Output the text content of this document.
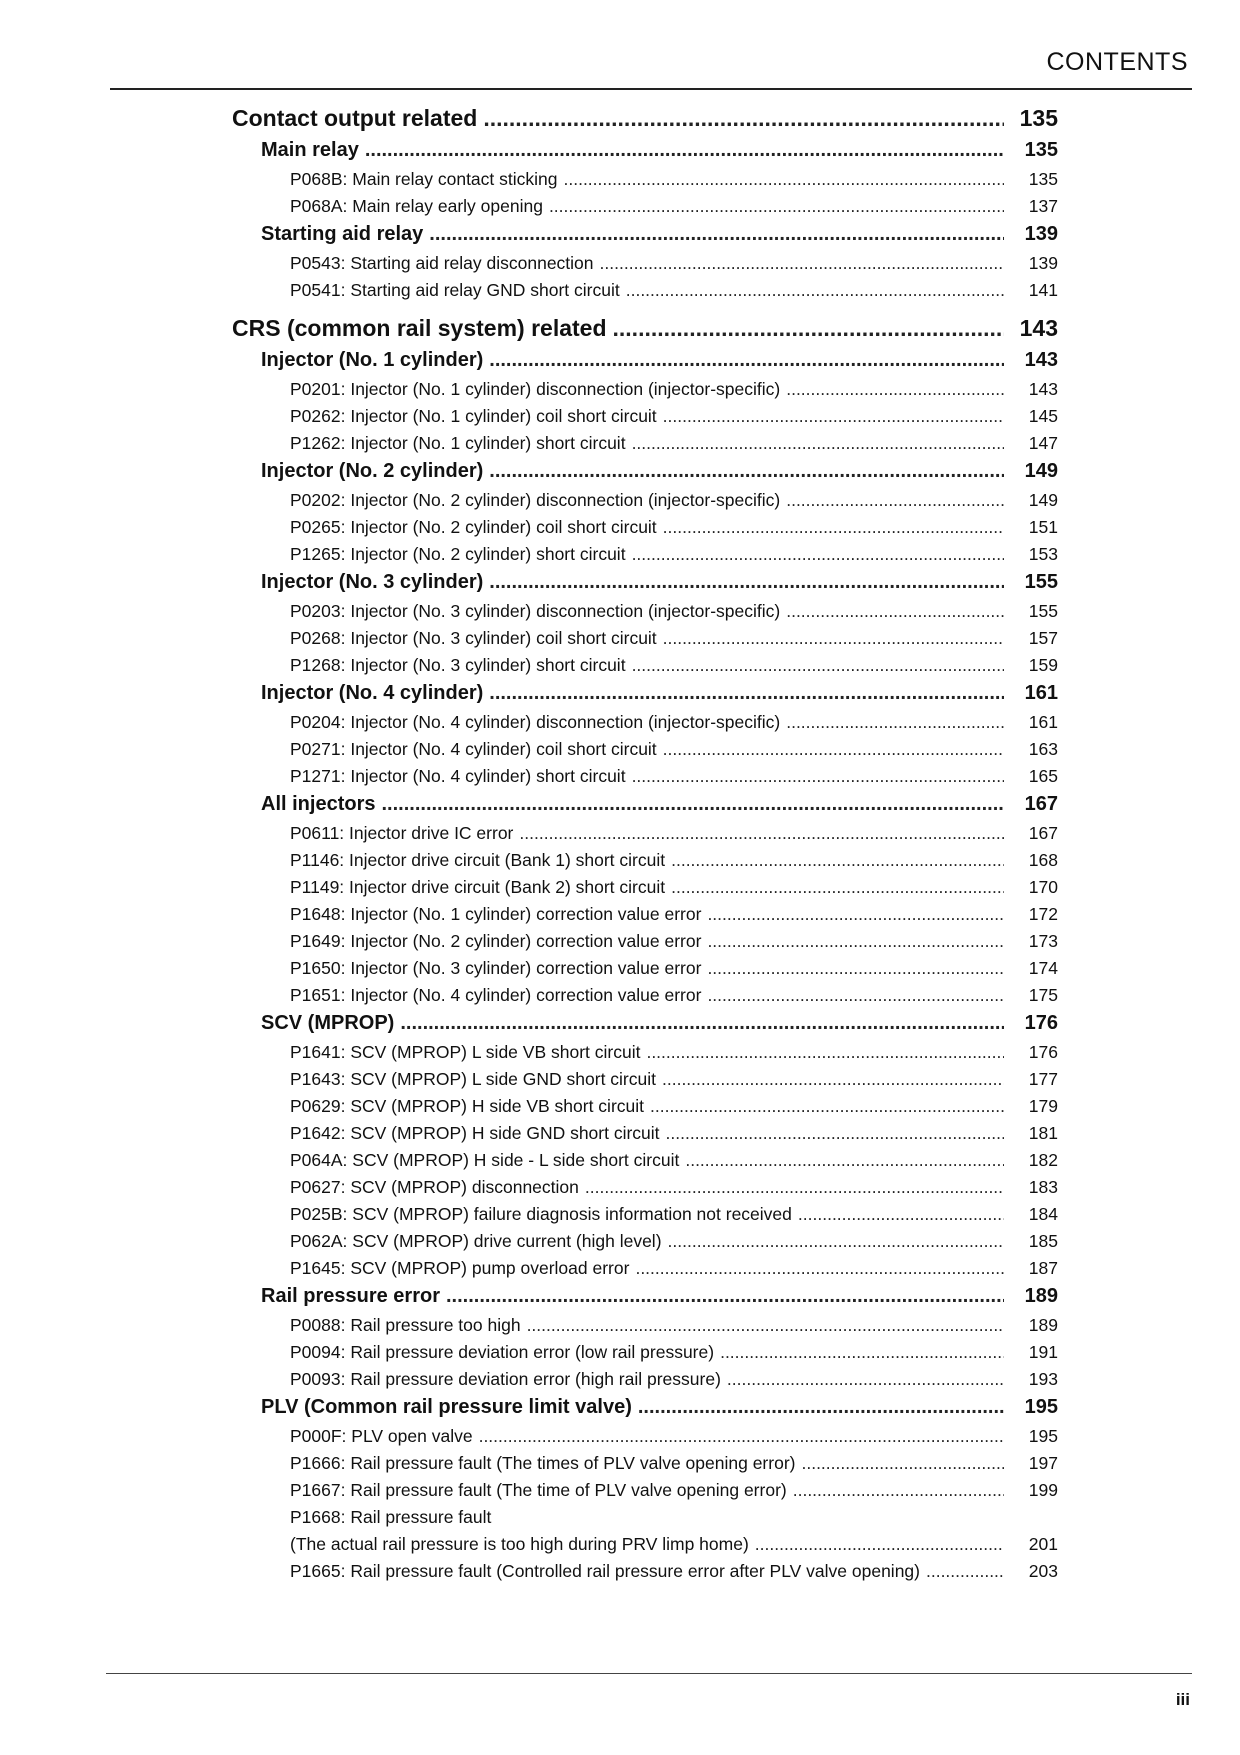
CONTENTS
Contact output related .....	135
Main relay .....	135
P068B: Main relay contact sticking .....	135
P068A: Main relay early opening .....	137
Starting aid relay .....	139
P0543: Starting aid relay disconnection .....	139
P0541: Starting aid relay GND short circuit .....	141
CRS (common rail system) related .....	143
Injector (No. 1 cylinder) .....	143
P0201: Injector (No. 1 cylinder) disconnection (injector-specific) .....	143
P0262: Injector (No. 1 cylinder) coil short circuit .....	145
P1262: Injector (No. 1 cylinder) short circuit .....	147
Injector (No. 2 cylinder) .....	149
P0202: Injector (No. 2 cylinder) disconnection (injector-specific) .....	149
P0265: Injector (No. 2 cylinder) coil short circuit .....	151
P1265: Injector (No. 2 cylinder) short circuit .....	153
Injector (No. 3 cylinder) .....	155
P0203: Injector (No. 3 cylinder) disconnection (injector-specific) .....	155
P0268: Injector (No. 3 cylinder) coil short circuit .....	157
P1268: Injector (No. 3 cylinder) short circuit .....	159
Injector (No. 4 cylinder) .....	161
P0204: Injector (No. 4 cylinder) disconnection (injector-specific) .....	161
P0271: Injector (No. 4 cylinder) coil short circuit .....	163
P1271: Injector (No. 4 cylinder) short circuit .....	165
All injectors .....	167
P0611: Injector drive IC error .....	167
P1146: Injector drive circuit (Bank 1) short circuit .....	168
P1149: Injector drive circuit (Bank 2) short circuit .....	170
P1648: Injector (No. 1 cylinder) correction value error .....	172
P1649: Injector (No. 2 cylinder) correction value error .....	173
P1650: Injector (No. 3 cylinder) correction value error .....	174
P1651: Injector (No. 4 cylinder) correction value error .....	175
SCV (MPROP) .....	176
P1641: SCV (MPROP) L side VB short circuit .....	176
P1643: SCV (MPROP) L side GND short circuit .....	177
P0629: SCV (MPROP) H side VB short circuit .....	179
P1642: SCV (MPROP) H side GND short circuit .....	181
P064A: SCV (MPROP) H side - L side short circuit .....	182
P0627: SCV (MPROP) disconnection .....	183
P025B: SCV (MPROP) failure diagnosis information not received .....	184
P062A: SCV (MPROP) drive current (high level) .....	185
P1645: SCV (MPROP) pump overload error .....	187
Rail pressure error .....	189
P0088: Rail pressure too high .....	189
P0094: Rail pressure deviation error (low rail pressure) .....	191
P0093: Rail pressure deviation error (high rail pressure) .....	193
PLV (Common rail pressure limit valve) .....	195
P000F: PLV open valve .....	195
P1666: Rail pressure fault (The times of PLV valve opening error) .....	197
P1667: Rail pressure fault (The time of PLV valve opening error) .....	199
P1668: Rail pressure fault
(The actual rail pressure is too high during PRV limp home) .....	201
P1665: Rail pressure fault (Controlled rail pressure error after PLV valve opening) .....	203
iii
